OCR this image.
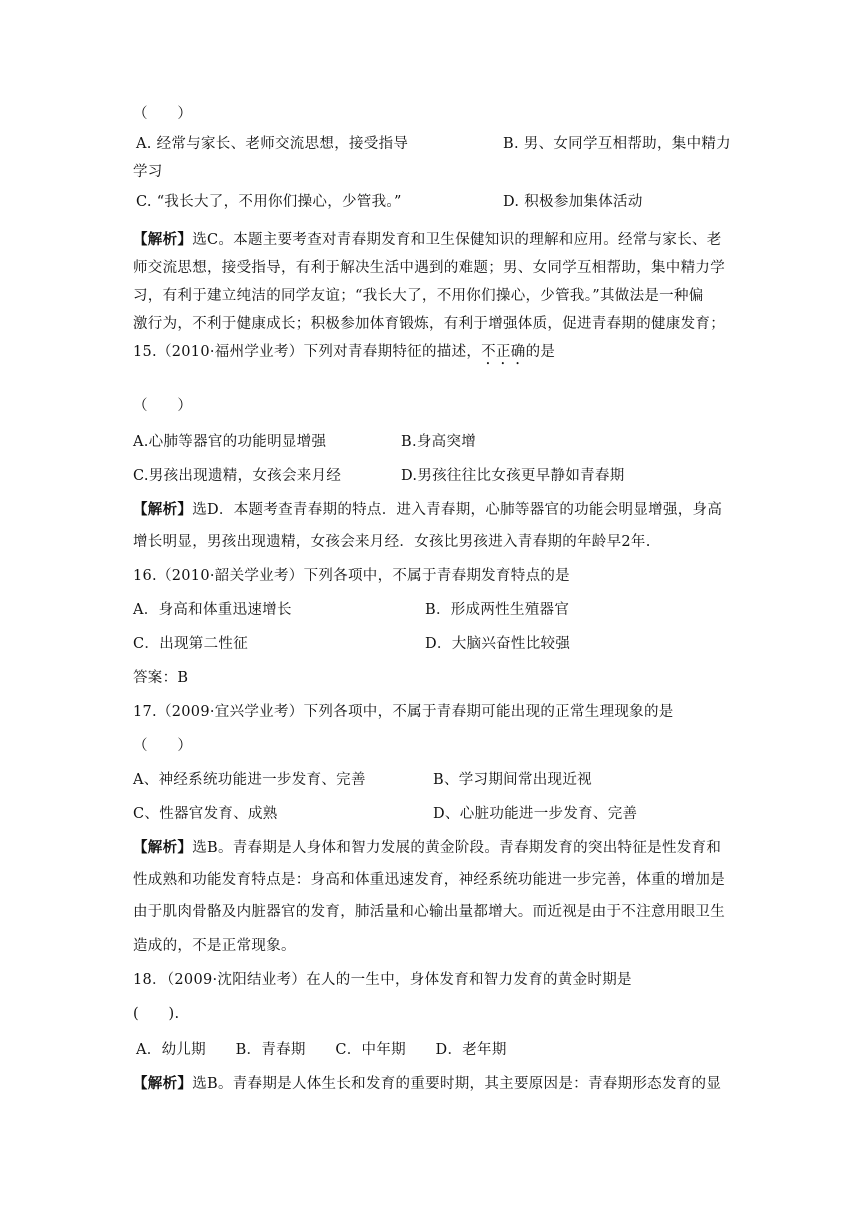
（　　）
A. 经常与家长、老师交流思想，接受指导	B. 男、女同学互相帮助，集中精力
学习
C. “我长大了，不用你们操心，少管我。”	D. 积极参加集体活动
【解析】选C。本题主要考查对青春期发育和卫生保健知识的理解和应用。经常与家长、老
师交流思想，接受指导，有利于解决生活中遇到的难题；男、女同学互相帮助，集中精力学
习，有利于建立纯洁的同学友谊；“我长大了，不用你们操心，少管我。”其做法是一种偏
激行为，不利于健康成长；积极参加体育锻炼，有利于增强体质，促进青春期的健康发育；
15.（2010·福州学业考）下列对青春期特征的描述，不正确的是
（　　）
A.心肺等器官的功能明显增强	B.身高突增
C.男孩出现遗精，女孩会来月经	D.男孩往往比女孩更早静如青春期
【解析】选D．本题考查青春期的特点．进入青春期，心肺等器官的功能会明显增强，身高
增长明显，男孩出现遗精，女孩会来月经．女孩比男孩进入青春期的年龄早2年.
16.（2010·韶关学业考）下列各项中，不属于青春期发育特点的是
A．身高和体重迅速增长	B．形成两性生殖器官
C．出现第二性征	D．大脑兴奋性比较强
答案：B
17.（2009·宜兴学业考）下列各项中，不属于青春期可能出现的正常生理现象的是
（　　）
A、神经系统功能进一步发育、完善	B、学习期间常出现近视
C、性器官发育、成熟	D、心脏功能进一步发育、完善
【解析】选B。青春期是人身体和智力发展的黄金阶段。青春期发育的突出特征是性发育和
性成熟和功能发育特点是：身高和体重迅速发育，神经系统功能进一步完善，体重的增加是
由于肌肉骨骼及内脏器官的发育，肺活量和心输出量都增大。而近视是由于不注意用眼卫生
造成的，不是正常现象。
18．（2009·沈阳结业考）在人的一生中，身体发育和智力发育的黄金时期是
(　　).
A．幼儿期　　B．青春期　　C．中年期　　D．老年期
【解析】选B。青春期是人体生长和发育的重要时期，其主要原因是：青春期形态发育的显
